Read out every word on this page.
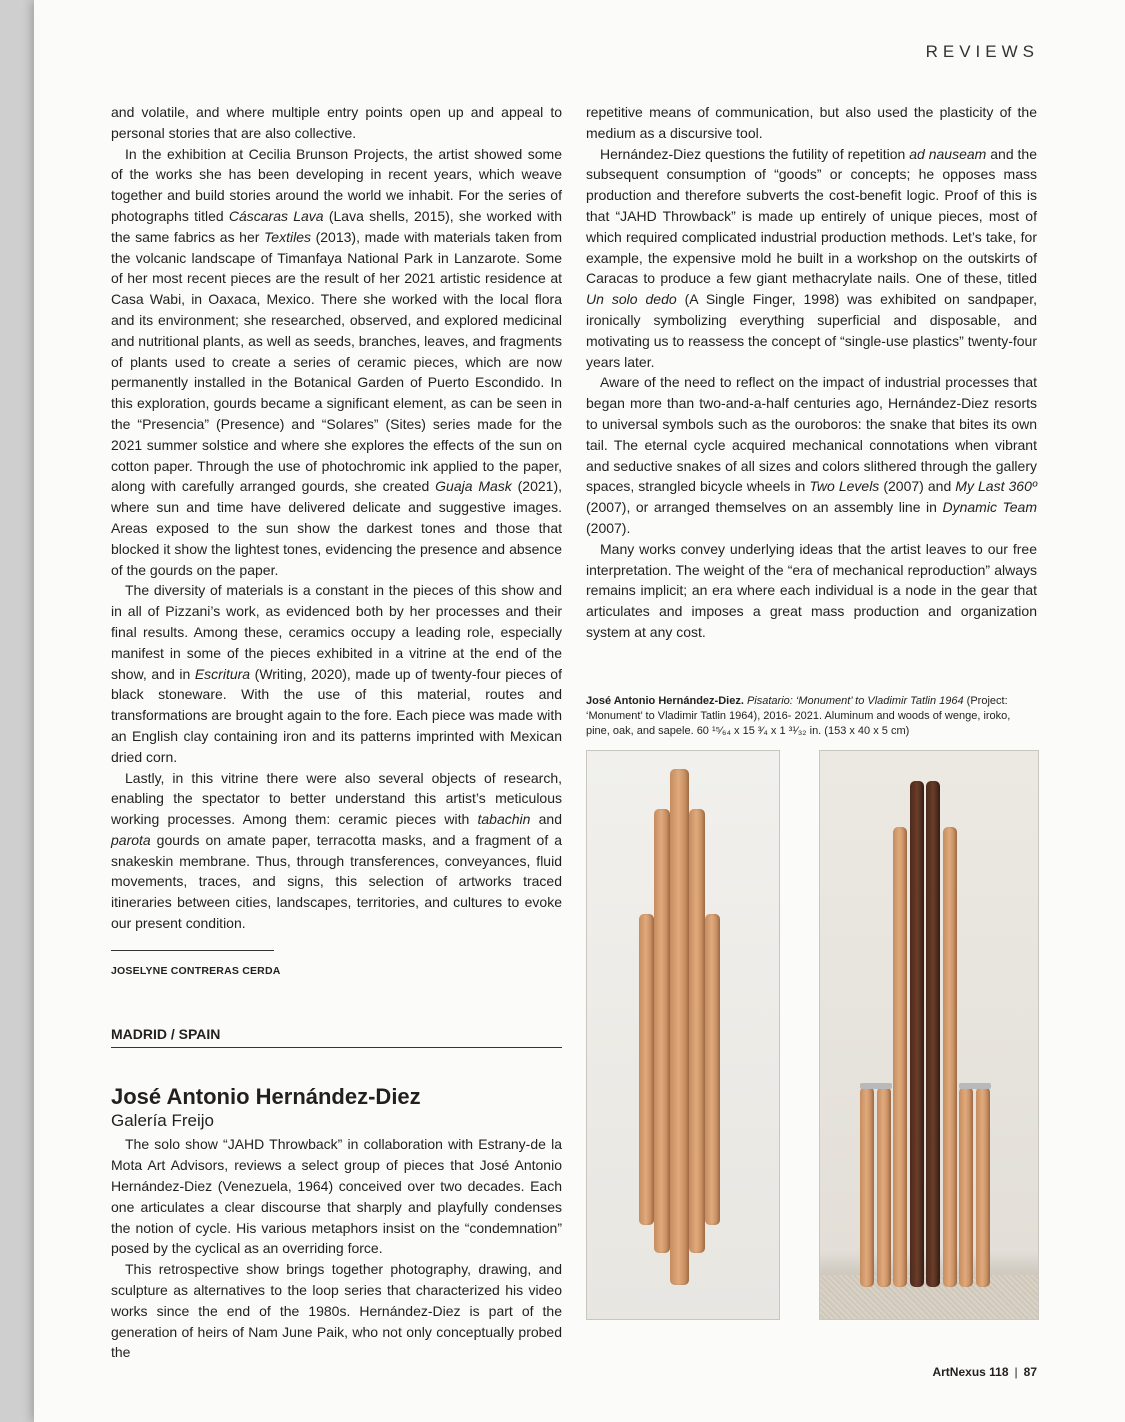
REVIEWS

and volatile, and where multiple entry points open up and appeal to personal stories that are also collective.

In the exhibition at Cecilia Brunson Projects, the artist showed some of the works she has been developing in recent years, which weave together and build stories around the world we inhabit. For the series of photographs titled Cáscaras Lava (Lava shells, 2015), she worked with the same fabrics as her Textiles (2013), made with materials taken from the volcanic landscape of Timanfaya National Park in Lanzarote. Some of her most recent pieces are the result of her 2021 artistic residence at Casa Wabi, in Oaxaca, Mexico. There she worked with the local flora and its environment; she researched, observed, and explored medicinal and nutritional plants, as well as seeds, branches, leaves, and fragments of plants used to create a series of ceramic pieces, which are now permanently installed in the Botanical Garden of Puerto Escondido. In this exploration, gourds became a significant element, as can be seen in the “Presencia” (Presence) and “Solares” (Sites) series made for the 2021 summer solstice and where she explores the effects of the sun on cotton paper. Through the use of photochromic ink applied to the paper, along with carefully arranged gourds, she created Guaja Mask (2021), where sun and time have delivered delicate and suggestive images. Areas exposed to the sun show the darkest tones and those that blocked it show the lightest tones, evidencing the presence and absence of the gourds on the paper.

The diversity of materials is a constant in the pieces of this show and in all of Pizzani’s work, as evidenced both by her processes and their final results. Among these, ceramics occupy a leading role, especially manifest in some of the pieces exhibited in a vitrine at the end of the show, and in Escritura (Writing, 2020), made up of twenty-four pieces of black stoneware. With the use of this material, routes and transformations are brought again to the fore. Each piece was made with an English clay containing iron and its patterns imprinted with Mexican dried corn.

Lastly, in this vitrine there were also several objects of research, enabling the spectator to better understand this artist’s meticulous working processes. Among them: ceramic pieces with tabachin and parota gourds on amate paper, terracotta masks, and a fragment of a snakeskin membrane. Thus, through transferences, conveyances, fluid movements, traces, and signs, this selection of artworks traced itineraries between cities, landscapes, territories, and cultures to evoke our present condition.

JOSELYNE CONTRERAS CERDA
MADRID / SPAIN
José Antonio Hernández-Diez
Galería Freijo

The solo show “JAHD Throwback” in collaboration with Estrany-de la Mota Art Advisors, reviews a select group of pieces that José Antonio Hernández-Diez (Venezuela, 1964) conceived over two decades. Each one articulates a clear discourse that sharply and playfully condenses the notion of cycle. His various metaphors insist on the “condemnation” posed by the cyclical as an overriding force.

This retrospective show brings together photography, drawing, and sculpture as alternatives to the loop series that characterized his video works since the end of the 1980s. Hernández-Diez is part of the generation of heirs of Nam June Paik, who not only conceptually probed the

repetitive means of communication, but also used the plasticity of the medium as a discursive tool.

Hernández-Diez questions the futility of repetition ad nauseam and the subsequent consumption of “goods” or concepts; he opposes mass production and therefore subverts the cost-benefit logic. Proof of this is that “JAHD Throwback” is made up entirely of unique pieces, most of which required complicated industrial production methods. Let’s take, for example, the expensive mold he built in a workshop on the outskirts of Caracas to produce a few giant methacrylate nails. One of these, titled Un solo dedo (A Single Finger, 1998) was exhibited on sandpaper, ironically symbolizing everything superficial and disposable, and motivating us to reassess the concept of “single-use plastics” twenty-four years later.

Aware of the need to reflect on the impact of industrial processes that began more than two-and-a-half centuries ago, Hernández-Diez resorts to universal symbols such as the ouroboros: the snake that bites its own tail. The eternal cycle acquired mechanical connotations when vibrant and seductive snakes of all sizes and colors slithered through the gallery spaces, strangled bicycle wheels in Two Levels (2007) and My Last 360º (2007), or arranged themselves on an assembly line in Dynamic Team (2007).

Many works convey underlying ideas that the artist leaves to our free interpretation. The weight of the “era of mechanical reproduction” always remains implicit; an era where each individual is a node in the gear that articulates and imposes a great mass production and organization system at any cost.

José Antonio Hernández-Diez. Pisatario: ‘Monument’ to Vladimir Tatlin 1964 (Project: ‘Monument’ to Vladimir Tatlin 1964), 2016- 2021. Aluminum and woods of wenge, iroko, pine, oak, and sapele. 60 ¹⁵⁄₆₄ x 15 ³⁄₄ x 1 ³¹⁄₃₂ in. (153 x 40 x 5 cm)
ArtNexus 118 | 87
